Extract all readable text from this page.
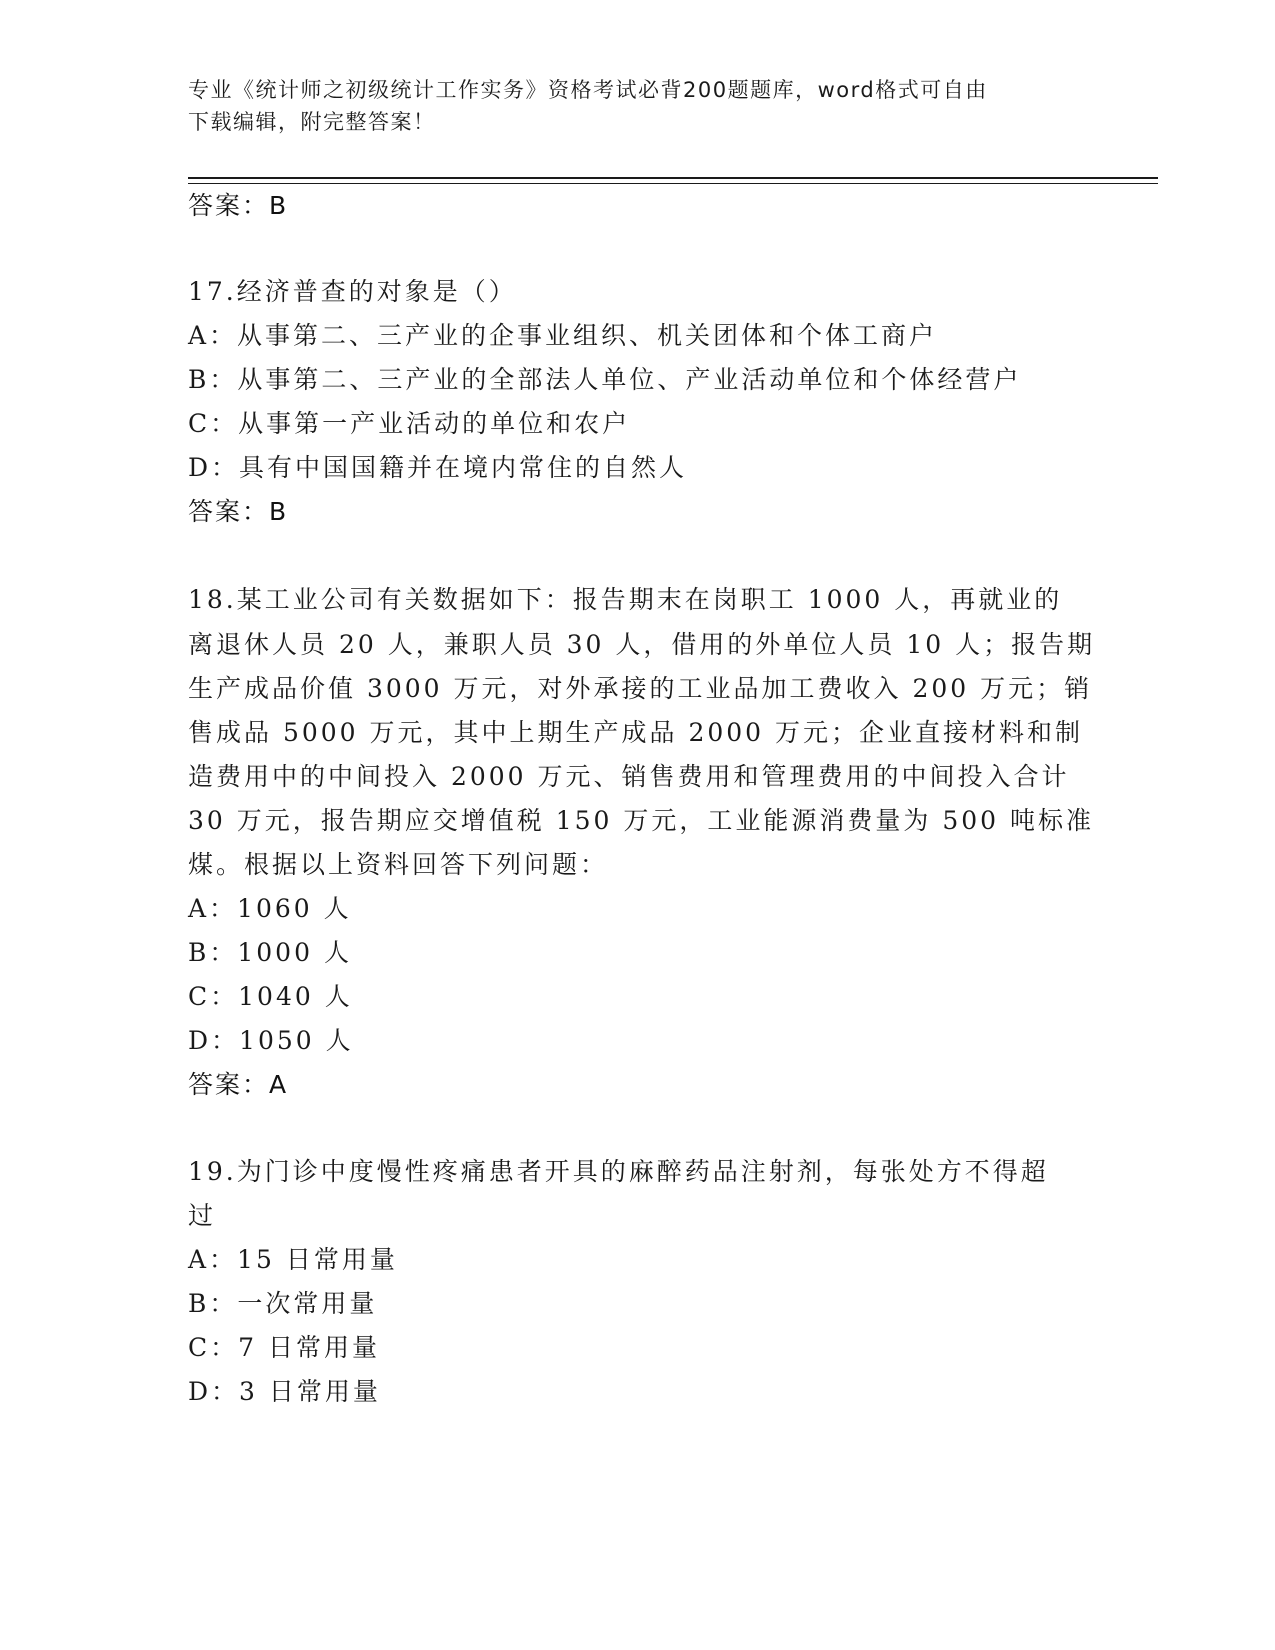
专业《统计师之初级统计工作实务》资格考试必背200题题库，word格式可自由
下载编辑，附完整答案！
答案：B
17.经济普查的对象是（）
A：从事第二、三产业的企事业组织、机关团体和个体工商户
B：从事第二、三产业的全部法人单位、产业活动单位和个体经营户
C：从事第一产业活动的单位和农户
D：具有中国国籍并在境内常住的自然人
答案：B
18.某工业公司有关数据如下：报告期末在岗职工 1000 人，再就业的
离退休人员 20 人，兼职人员 30 人，借用的外单位人员 10 人；报告期
生产成品价值 3000 万元，对外承接的工业品加工费收入 200 万元；销
售成品 5000 万元，其中上期生产成品 2000 万元；企业直接材料和制
造费用中的中间投入 2000 万元、销售费用和管理费用的中间投入合计
30 万元，报告期应交增值税 150 万元，工业能源消费量为 500 吨标准
煤。根据以上资料回答下列问题：
A：1060 人
B：1000 人
C：1040 人
D：1050 人
答案：A
19.为门诊中度慢性疼痛患者开具的麻醉药品注射剂，每张处方不得超
过
A：15 日常用量
B：一次常用量
C：7 日常用量
D：3 日常用量
